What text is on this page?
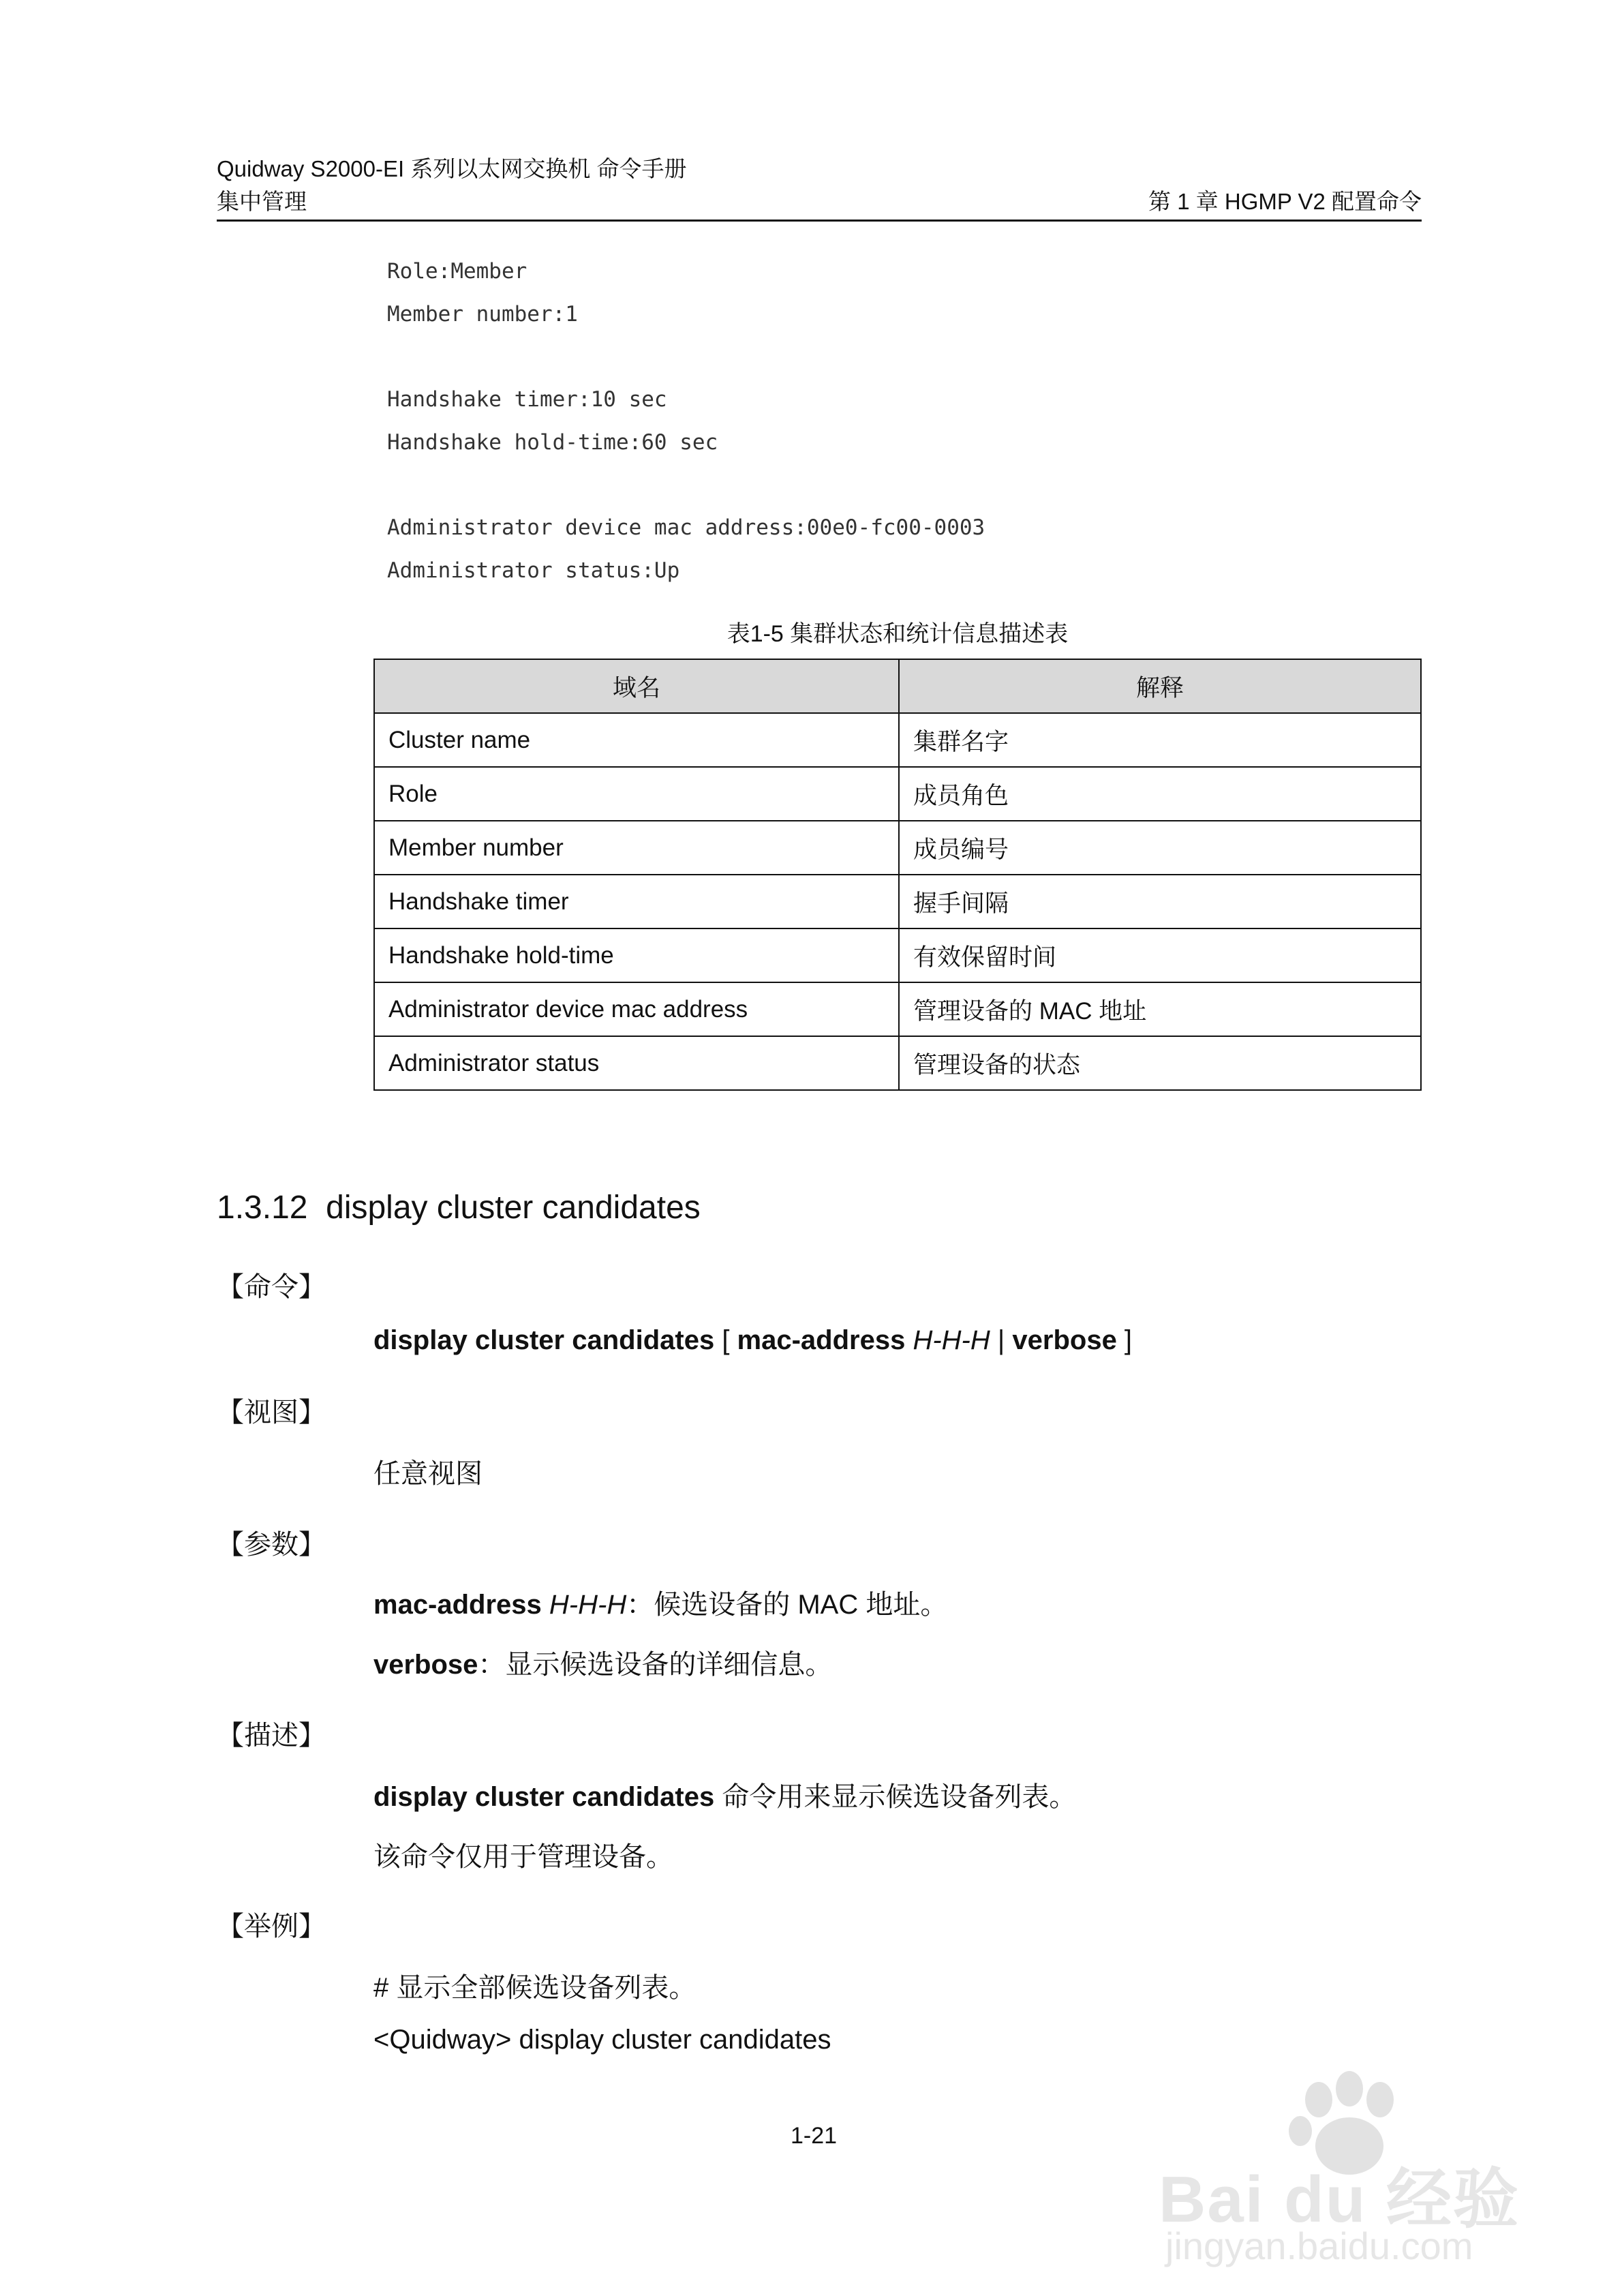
Quidway S2000-EI 系列以太网交换机 命令手册
集中管理	第 1 章 HGMP V2 配置命令
Role:Member
Member number:1
Handshake timer:10 sec
Handshake hold-time:60 sec
Administrator device mac address:00e0-fc00-0003
Administrator status:Up
表1-5 集群状态和统计信息描述表
域名	解释
Cluster name	集群名字
Role	成员角色
Member number	成员编号
Handshake timer	握手间隔
Handshake hold-time	有效保留时间
Administrator device mac address	管理设备的 MAC 地址
Administrator status	管理设备的状态
1.3.12  display cluster candidates
【命令】
display cluster candidates [ mac-address H-H-H | verbose ]
【视图】
任意视图
【参数】
mac-address H-H-H：候选设备的 MAC 地址。
verbose：显示候选设备的详细信息。
【描述】
display cluster candidates 命令用来显示候选设备列表。
该命令仅用于管理设备。
【举例】
# 显示全部候选设备列表。
<Quidway> display cluster candidates
1-21
Bai du 经验
jingyan.baidu.com
